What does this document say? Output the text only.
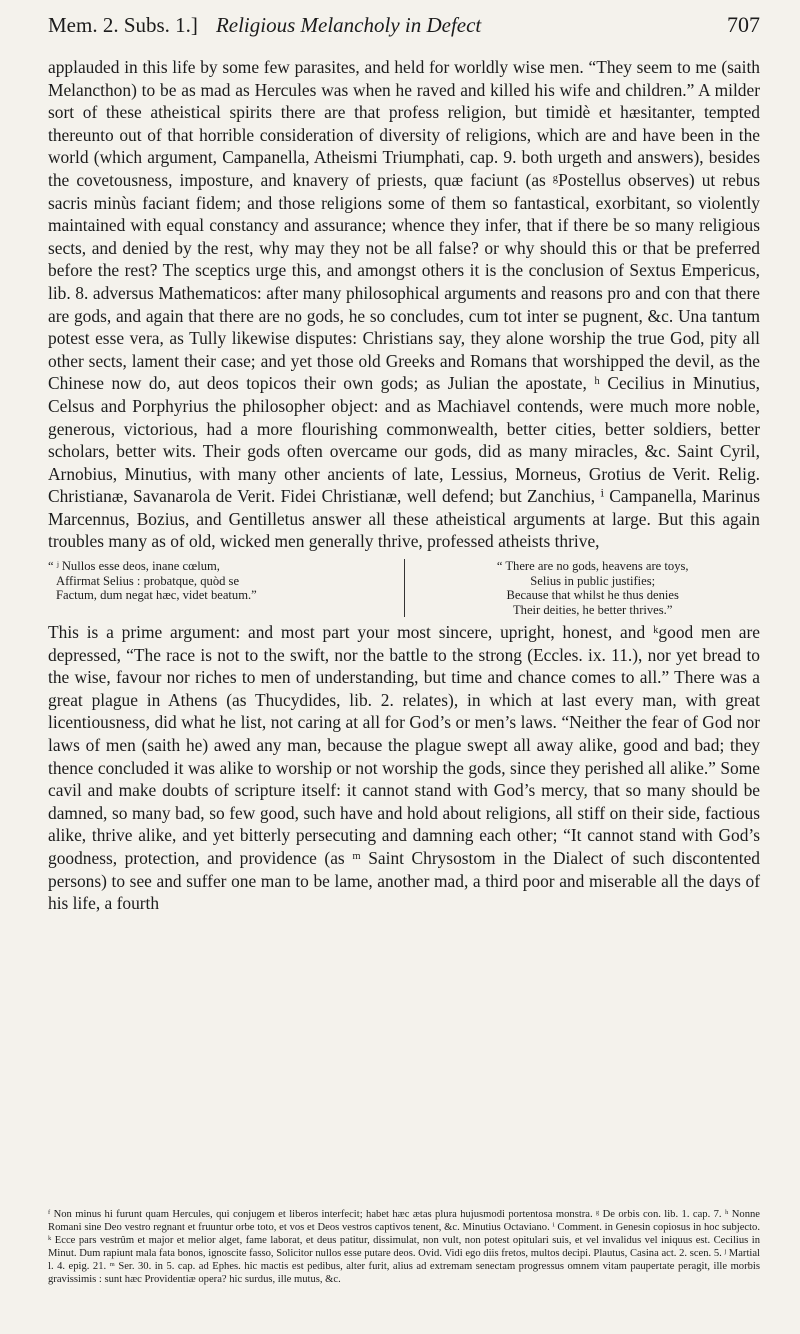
Mem. 2. Subs. 1.] Religious Melancholy in Defect	707

applauded in this life by some few parasites, and held for worldly wise men. “They seem to me (saith Melancthon) to be as mad as Hercules was when he raved and killed his wife and children.” A milder sort of these atheistical spirits there are that profess religion, but timidè et hæsitanter, tempted thereunto out of that horrible consideration of diversity of religions, which are and have been in the world (which argument, Campanella, Atheismi Triumphati, cap. 9. both urgeth and answers), besides the covetousness, imposture, and knavery of priests, quæ faciunt (as ᵍPostellus observes) ut rebus sacris minùs faciant fidem; and those religions some of them so fantastical, exorbitant, so violently maintained with equal constancy and assurance; whence they infer, that if there be so many religious sects, and denied by the rest, why may they not be all false? or why should this or that be preferred before the rest? The sceptics urge this, and amongst others it is the conclusion of Sextus Empericus, lib. 8. adversus Mathematicos: after many philosophical arguments and reasons pro and con that there are gods, and again that there are no gods, he so concludes, cum tot inter se pugnent, &c. Una tantum potest esse vera, as Tully likewise disputes: Christians say, they alone worship the true God, pity all other sects, lament their case; and yet those old Greeks and Romans that worshipped the devil, as the Chinese now do, aut deos topicos their own gods; as Julian the apostate, ʰ Cecilius in Minutius, Celsus and Porphyrius the philosopher object: and as Machiavel contends, were much more noble, generous, victorious, had a more flourishing commonwealth, better cities, better soldiers, better scholars, better wits. Their gods often overcame our gods, did as many miracles, &c. Saint Cyril, Arnobius, Minutius, with many other ancients of late, Lessius, Morneus, Grotius de Verit. Relig. Christianæ, Savanarola de Verit. Fidei Christianæ, well defend; but Zanchius, ⁱ Campanella, Marinus Marcennus, Bozius, and Gentilletus answer all these atheistical arguments at large. But this again troubles many as of old, wicked men generally thrive, professed atheists thrive,

“ ʲ Nullos esse deos, inane cœlum,

Affirmat Selius : probatque, quòd se

Factum, dum negat hæc, videt beatum.”

“ There are no gods, heavens are toys,

Selius in public justifies;

Because that whilst he thus denies

Their deities, he better thrives.”

This is a prime argument: and most part your most sincere, upright, honest, and ᵏgood men are depressed, “The race is not to the swift, nor the battle to the strong (Eccles. ix. 11.), nor yet bread to the wise, favour nor riches to men of understanding, but time and chance comes to all.” There was a great plague in Athens (as Thucydides, lib. 2. relates), in which at last every man, with great licentiousness, did what he list, not caring at all for God’s or men’s laws. “Neither the fear of God nor laws of men (saith he) awed any man, because the plague swept all away alike, good and bad; they thence concluded it was alike to worship or not worship the gods, since they perished all alike.” Some cavil and make doubts of scripture itself: it cannot stand with God’s mercy, that so many should be damned, so many bad, so few good, such have and hold about religions, all stiff on their side, factious alike, thrive alike, and yet bitterly persecuting and damning each other; “It cannot stand with God’s goodness, protection, and providence (as ᵐ Saint Chrysostom in the Dialect of such discontented persons) to see and suffer one man to be lame, another mad, a third poor and miserable all the days of his life, a fourth

ᶠ Non minus hi furunt quam Hercules, qui conjugem et liberos interfecit; habet hæc ætas plura hujusmodi portentosa monstra. ᵍ De orbis con. lib. 1. cap. 7. ʰ Nonne Romani sine Deo vestro regnant et fruuntur orbe toto, et vos et Deos vestros captivos tenent, &c. Minutius Octaviano. ⁱ Comment. in Genesin copiosus in hoc subjecto. ᵏ Ecce pars vestrûm et major et melior alget, fame laborat, et deus patitur, dissimulat, non vult, non potest opitulari suis, et vel invalidus vel iniquus est. Cecilius in Minut. Dum rapiunt mala fata bonos, ignoscite fasso, Solicitor nullos esse putare deos. Ovid. Vidi ego diis fretos, multos decipi. Plautus, Casina act. 2. scen. 5. ʲ Martial l. 4. epig. 21. ᵐ Ser. 30. in 5. cap. ad Ephes. hic mactis est pedibus, alter furit, alius ad extremam senectam progressus omnem vitam paupertate peragit, ille morbis gravissimis : sunt hæc Providentiæ opera? hic surdus, ille mutus, &c.
